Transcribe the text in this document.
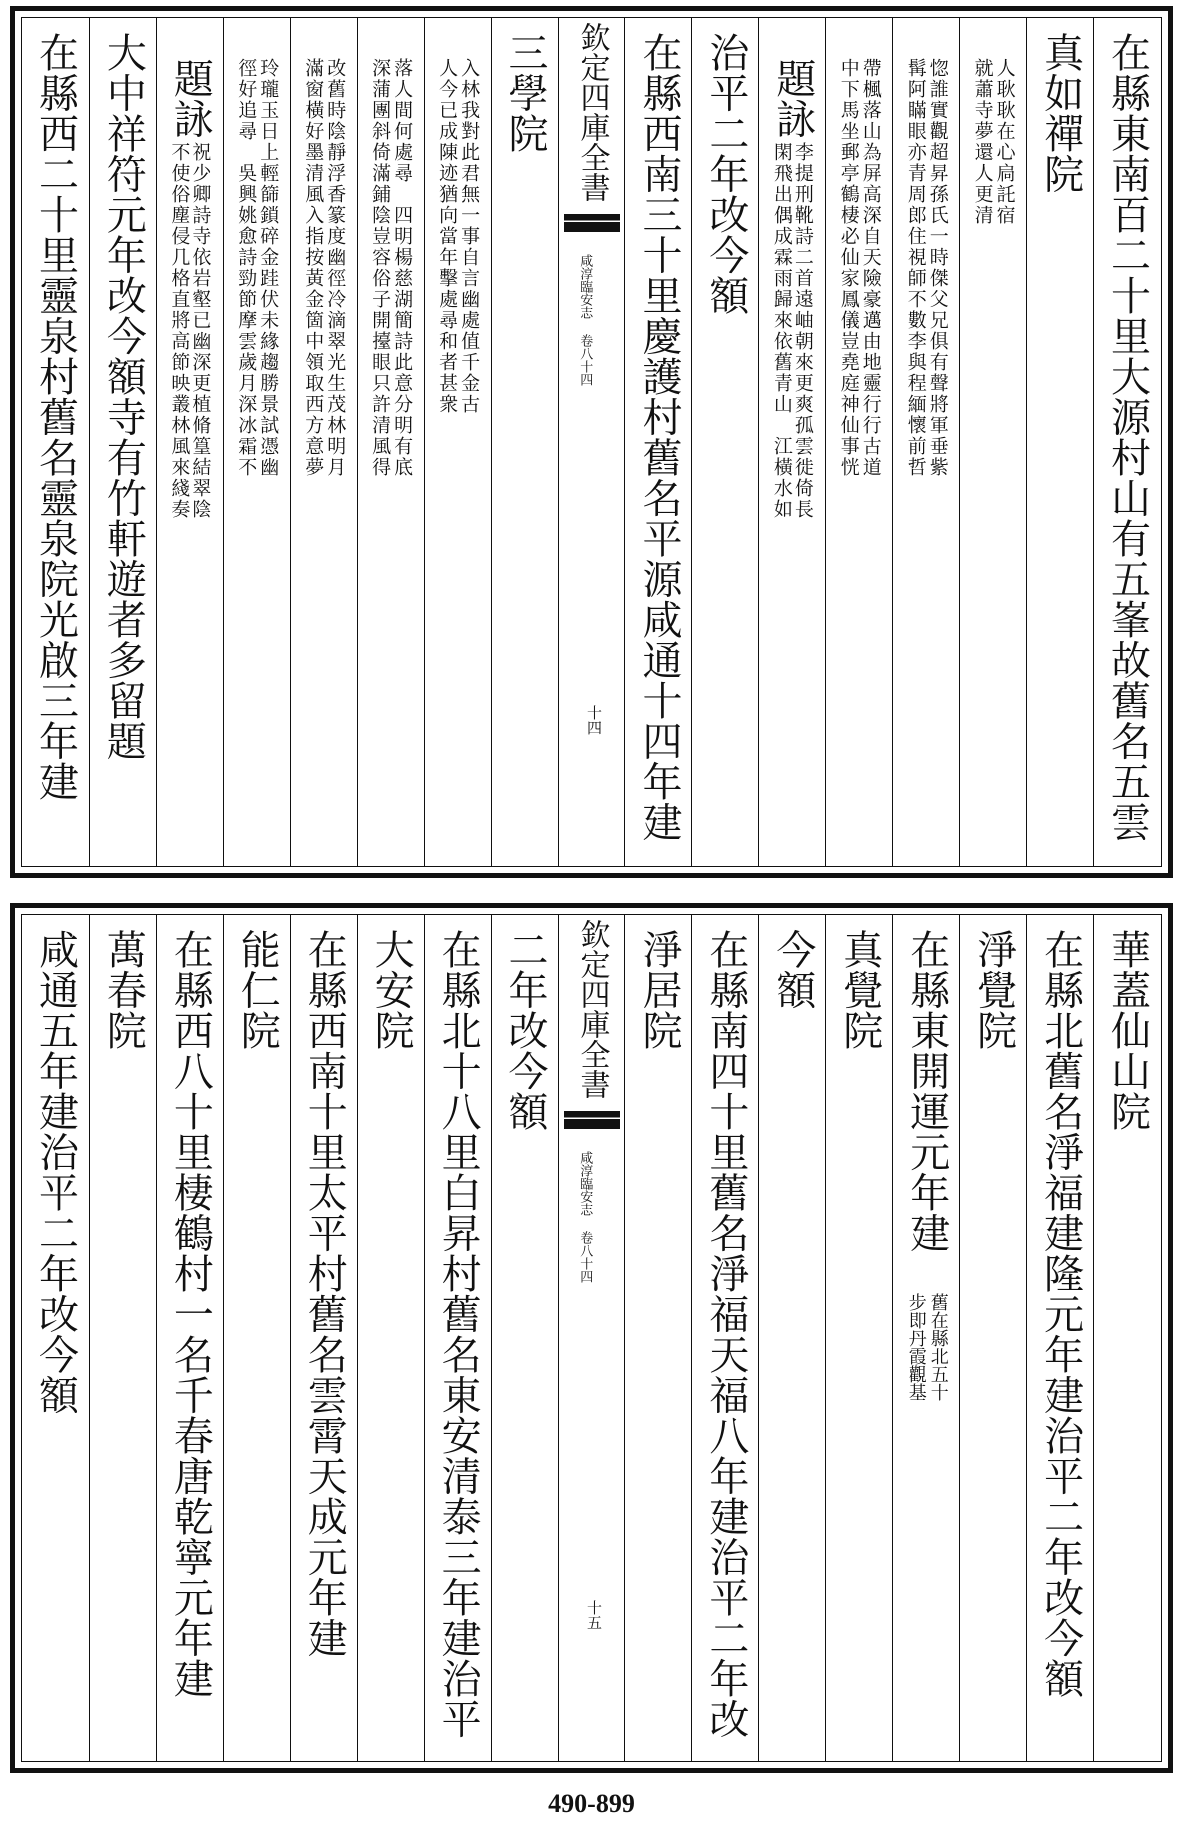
在縣西二十里靈泉村舊名靈泉院光啟三年建 大中祥符元年改今額寺有竹軒遊者多留題 題詠
祝少卿詩寺依岩壑已幽深更植脩篁結翠陰
不使俗塵侵几格直將高節映叢林風來綫奏	玲瓏玉日上輕篩鎖碎金跬伏未緣趨勝景試憑幽
徑好追尋　吳興姚愈詩勁節摩雲歲月深冰霜不	改舊時陰靜浮香篆度幽徑冷滴翠光生茂林明月
滿窗橫好墨清風入指按黃金箇中領取西方意夢	落人間何處尋　四明楊慈湖簡詩此意分明有底
深蒲團斜倚滿鋪陰豈容俗子開擡眼只許清風得	入林我對此君無一事自言幽處值千金古
人今已成陳迹猶向當年擊處尋和者甚衆 三學院 欽定四庫全書
咸淳臨安志 卷八十四
十四 在縣西南三十里慶護村舊名平源咸通十四年建 治平二年改今額 題詠
李提刑靴詩二首遠岫朝來更爽孤雲徙倚長
閑飛出偶成霖雨歸來依舊青山　江橫水如	帶楓落山為屏高深自天險豪邁由地靈行行古道
中下馬坐郵亭鶴棲必仙家鳳儀豈堯庭神仙事恍	惚誰實觀超昇孫氏一時傑父兄俱有聲將軍垂紫
髯阿瞞眼亦青周郎住視師不數李與程緬懷前哲	人耿耿在心扃託宿
就蕭寺夢還人更清 真如禪院 在縣東南百二十里大源村山有五峯故舊名五雲
咸通五年建治平二年改今額 萬春院 在縣西八十里棲鶴村一名千春唐乾寧元年建 能仁院 在縣西南十里太平村舊名雲霄天成元年建 大安院 在縣北十八里白昇村舊名東安清泰三年建治平 二年改今額 欽定四庫全書
咸淳臨安志 卷八十四
十五
淨居院 在縣南四十里舊名淨福天福八年建治平二年改 今額 真覺院 在縣東開運元年建
舊在縣北五十
步即丹霞觀基
淨覺院 在縣北舊名淨福建隆元年建治平二年改今額 華蓋仙山院
490-899
